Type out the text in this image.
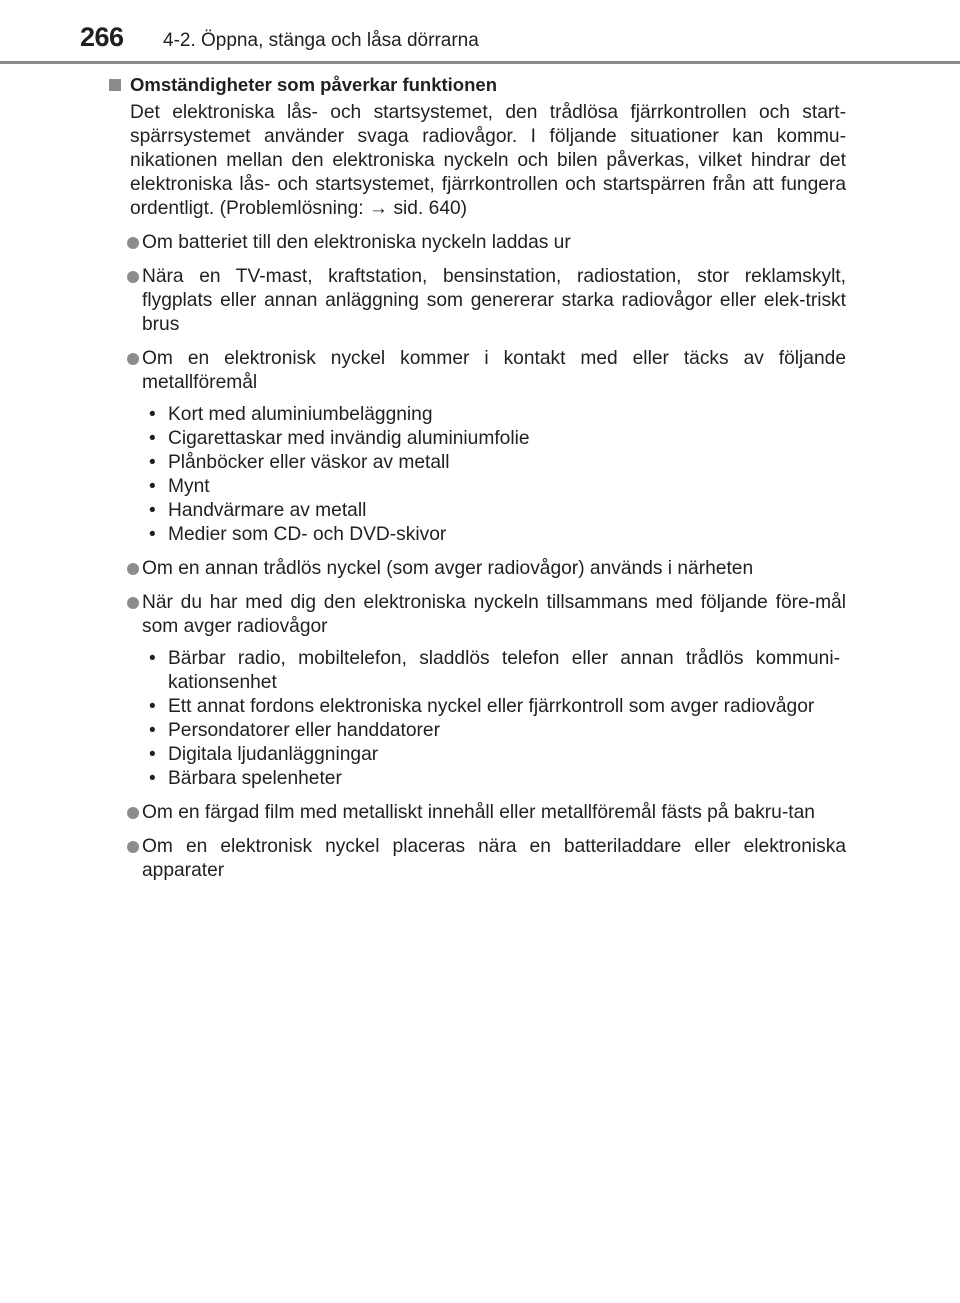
266 4-2. Öppna, stänga och låsa dörrarna
Omständigheter som påverkar funktionen

Det elektroniska lås- och startsystemet, den trådlösa fjärrkontrollen och start-spärrsystemet använder svaga radiovågor. I följande situationer kan kommu-nikationen mellan den elektroniska nyckeln och bilen påverkas, vilket hindrar det elektroniska lås- och startsystemet, fjärrkontrollen och startspärren från att fungera ordentligt. (Problemlösning: → sid. 640)

Om batteriet till den elektroniska nyckeln laddas ur
Nära en TV-mast, kraftstation, bensinstation, radiostation, stor reklamskylt, flygplats eller annan anläggning som genererar starka radiovågor eller elek-triskt brus
Om en elektronisk nyckel kommer i kontakt med eller täcks av följande metallföremål
• Kort med aluminiumbeläggning
• Cigarettaskar med invändig aluminiumfolie
• Plånböcker eller väskor av metall
• Mynt
• Handvärmare av metall
• Medier som CD- och DVD-skivor
Om en annan trådlös nyckel (som avger radiovågor) används i närheten
När du har med dig den elektroniska nyckeln tillsammans med följande före-mål som avger radiovågor
• Bärbar radio, mobiltelefon, sladdlös telefon eller annan trådlös kommuni-kationsenhet
• Ett annat fordons elektroniska nyckel eller fjärrkontroll som avger radiovågor
• Persondatorer eller handdatorer
• Digitala ljudanläggningar
• Bärbara spelenheter
Om en färgad film med metalliskt innehåll eller metallföremål fästs på bakru-tan
Om en elektronisk nyckel placeras nära en batteriladdare eller elektroniska apparater
